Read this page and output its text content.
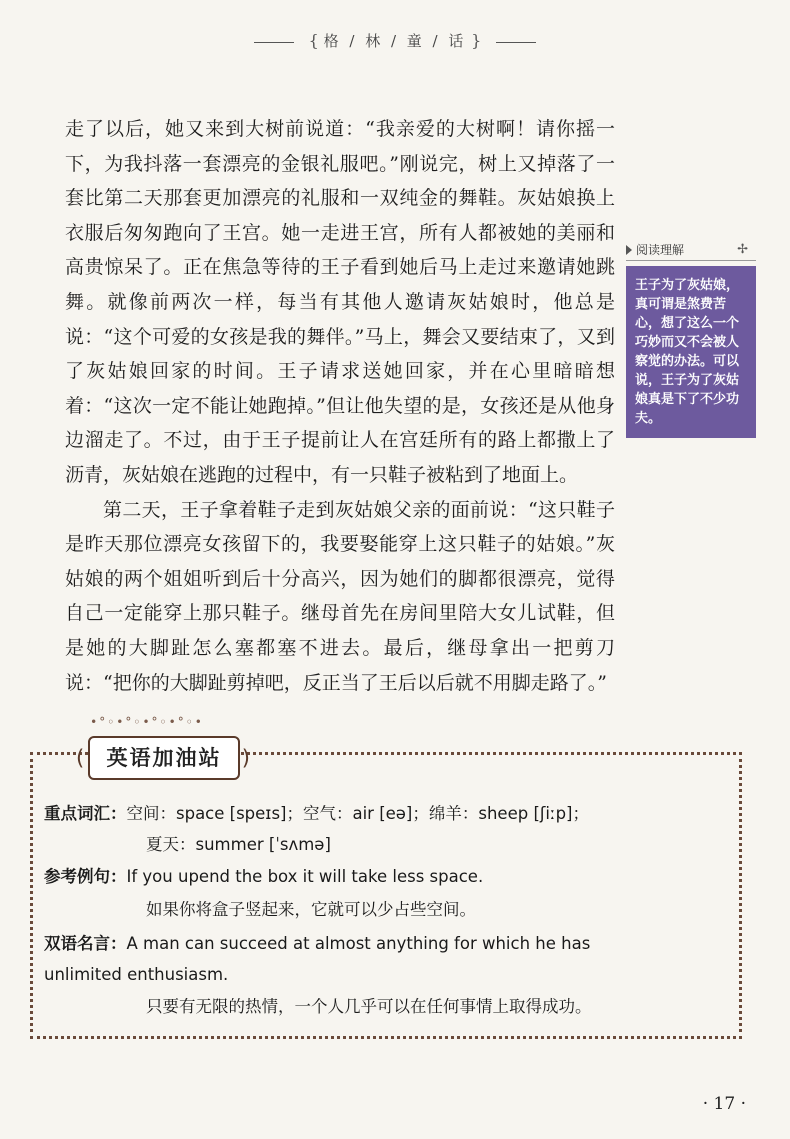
{ 格 / 林 / 童 / 话 }

走了以后，她又来到大树前说道：“我亲爱的大树啊！请你摇一下，为我抖落一套漂亮的金银礼服吧。”刚说完，树上又掉落了一套比第二天那套更加漂亮的礼服和一双纯金的舞鞋。灰姑娘换上衣服后匆匆跑向了王宫。她一走进王宫，所有人都被她的美丽和高贵惊呆了。正在焦急等待的王子看到她后马上走过来邀请她跳舞。就像前两次一样，每当有其他人邀请灰姑娘时，他总是说：“这个可爱的女孩是我的舞伴。”马上，舞会又要结束了，又到了灰姑娘回家的时间。王子请求送她回家，并在心里暗暗想着：“这次一定不能让她跑掉。”但让他失望的是，女孩还是从他身边溜走了。不过，由于王子提前让人在宫廷所有的路上都撒上了沥青，灰姑娘在逃跑的过程中，有一只鞋子被粘到了地面上。

第二天，王子拿着鞋子走到灰姑娘父亲的面前说：“这只鞋子是昨天那位漂亮女孩留下的，我要娶能穿上这只鞋子的姑娘。”灰姑娘的两个姐姐听到后十分高兴，因为她们的脚都很漂亮，觉得自己一定能穿上那只鞋子。继母首先在房间里陪大女儿试鞋，但是她的大脚趾怎么塞都塞不进去。最后，继母拿出一把剪刀说：“把你的大脚趾剪掉吧，反正当了王后以后就不用脚走路了。”

阅读理解	✢
王子为了灰姑娘，真可谓是煞费苦心，想了这么一个巧妙而又不会被人察觉的办法。可以说，王子为了灰姑娘真是下了不少功夫。
•°◦•°◦•°◦•°◦•
( 英语加油站 )
重点词汇：空间：space [speɪs]；空气：air [eə]；绵羊：sheep [ʃiːp]；
夏天：summer [ˈsʌmə]
参考例句：If you upend the box it will take less space.
如果你将盒子竖起来，它就可以少占些空间。
双语名言：A man can succeed at almost anything for which he has
unlimited enthusiasm.
只要有无限的热情，一个人几乎可以在任何事情上取得成功。
· 17 ·
